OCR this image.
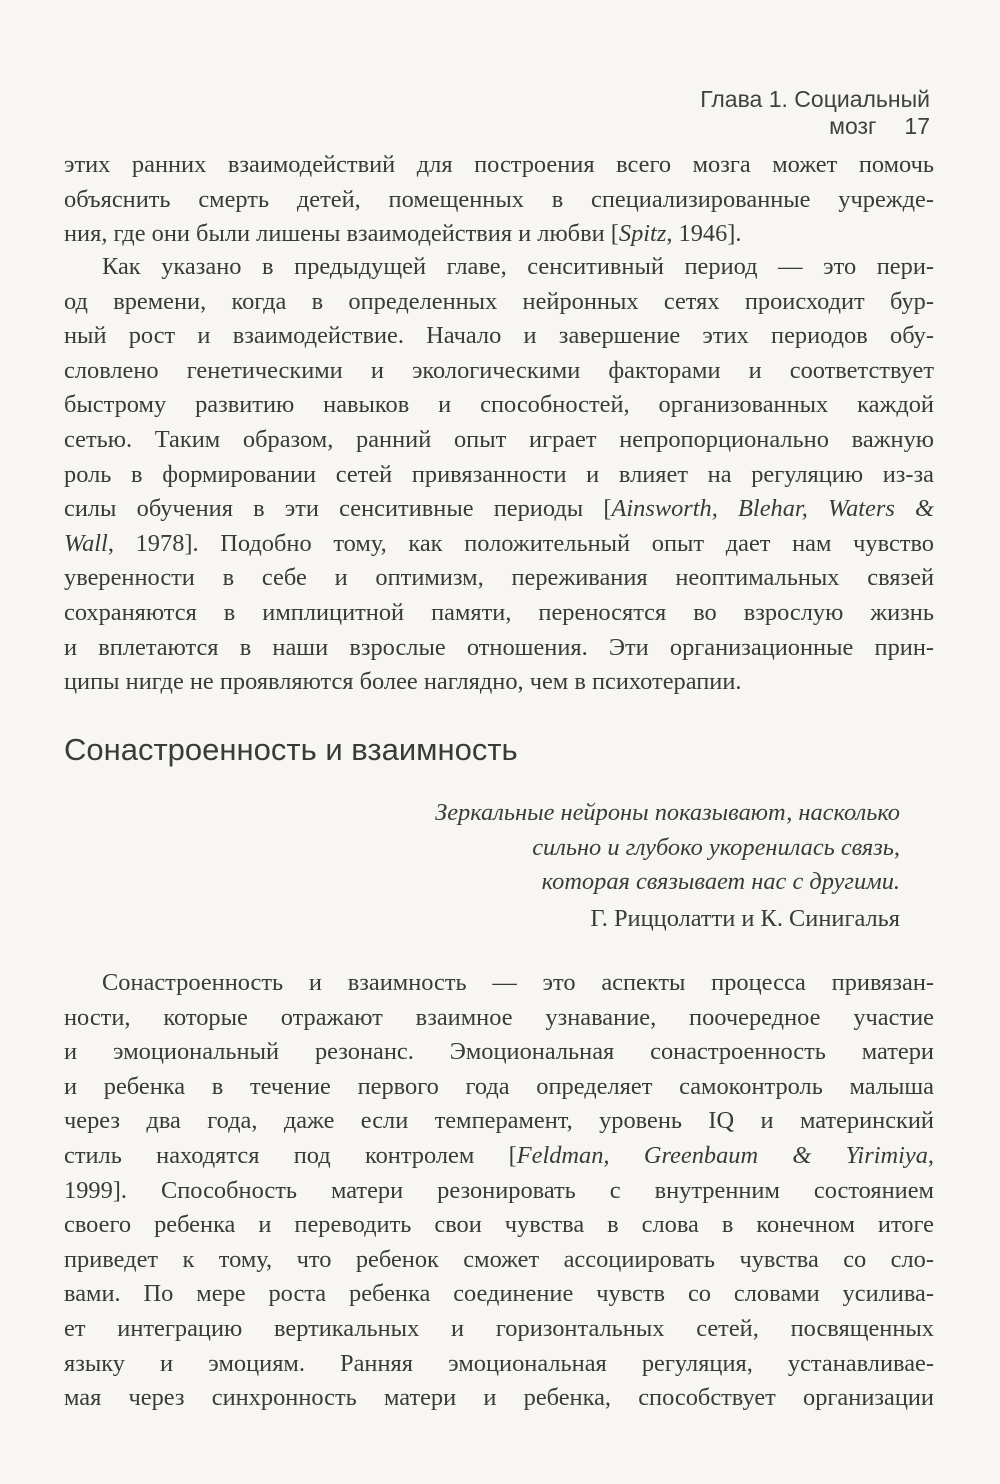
Глава 1. Социальный мозг 17

этих ранних взаимодействий для построения всего мозга может помочь
объяснить смерть детей, помещенных в специализированные учрежде-
ния, где они были лишены взаимодействия и любви [Spitz, 1946].

Как указано в предыдущей главе, сенситивный период — это пери-
од времени, когда в определенных нейронных сетях происходит бур-
ный рост и взаимодействие. Начало и завершение этих периодов обу-
словлено генетическими и экологическими факторами и соответствует
быстрому развитию навыков и способностей, организованных каждой
сетью. Таким образом, ранний опыт играет непропорционально важную
роль в формировании сетей привязанности и влияет на регуляцию из-за
силы обучения в эти сенситивные периоды [Ainsworth, Blehar, Waters &
Wall, 1978]. Подобно тому, как положительный опыт дает нам чувство
уверенности в себе и оптимизм, переживания неоптимальных связей
сохраняются в имплицитной памяти, переносятся во взрослую жизнь
и вплетаются в наши взрослые отношения. Эти организационные прин-
ципы нигде не проявляются более наглядно, чем в психотерапии.

Сонастроенность и взаимность
Зеркальные нейроны показывают, насколько
сильно и глубоко укоренилась связь,
которая связывает нас с другими.
Г. Риццолатти и К. Синигалья

Сонастроенность и взаимность — это аспекты процесса привязан-
ности, которые отражают взаимное узнавание, поочередное участие
и эмоциональный резонанс. Эмоциональная сонастроенность матери
и ребенка в течение первого года определяет самоконтроль малыша
через два года, даже если темперамент, уровень IQ и материнский
стиль находятся под контролем [Feldman, Greenbaum & Yirimiya,
1999]. Способность матери резонировать с внутренним состоянием
своего ребенка и переводить свои чувства в слова в конечном итоге
приведет к тому, что ребенок сможет ассоциировать чувства со сло-
вами. По мере роста ребенка соединение чувств со словами усилива-
ет интеграцию вертикальных и горизонтальных сетей, посвященных
языку и эмоциям. Ранняя эмоциональная регуляция, устанавливае-
мая через синхронность матери и ребенка, способствует организации
